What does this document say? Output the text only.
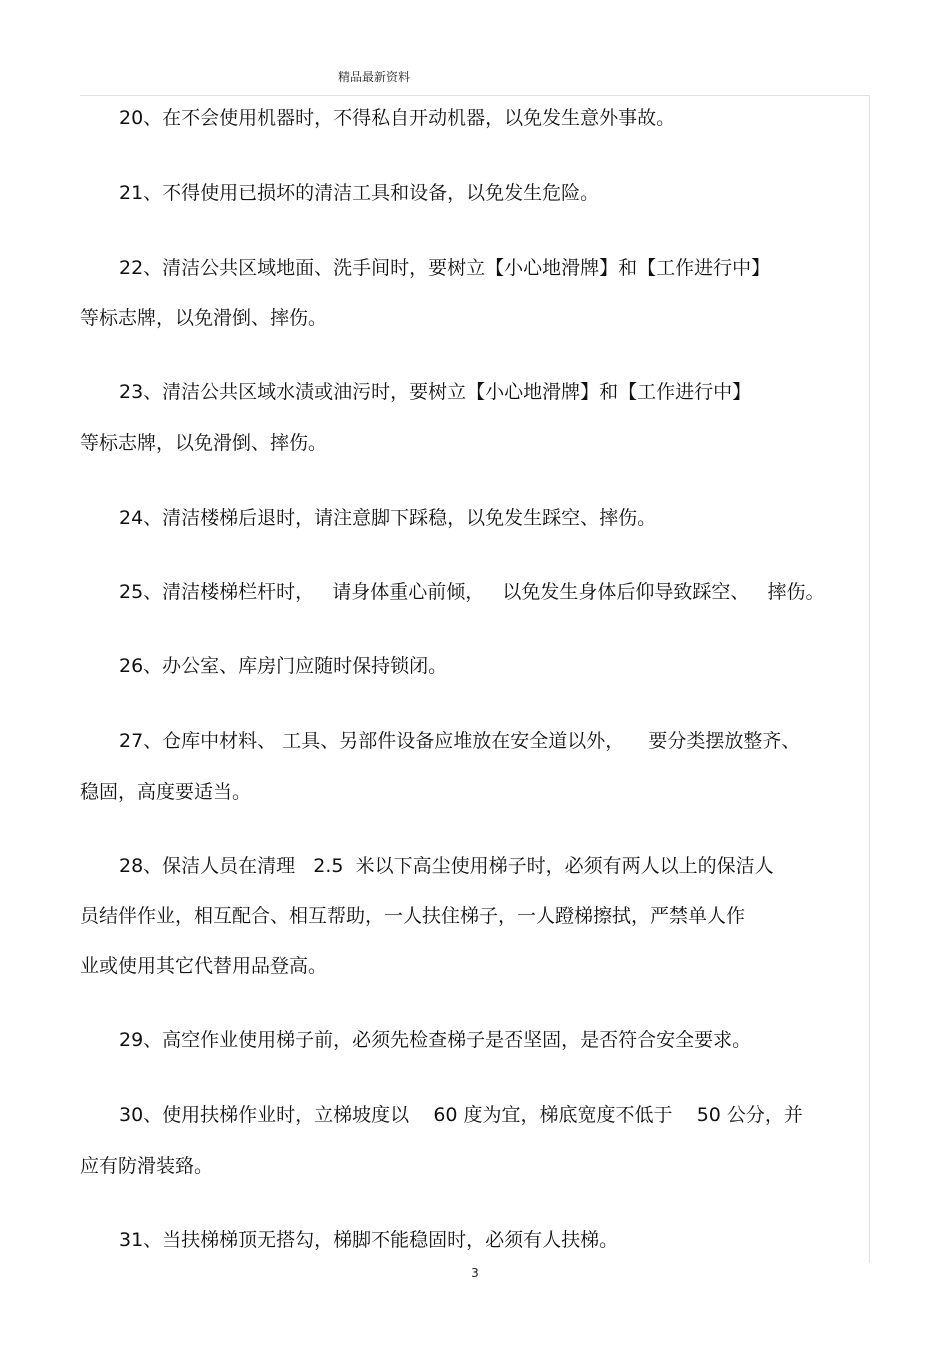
精品最新资料
20、在不会使用机器时，不得私自开动机器，以免发生意外事故。
21、不得使用已损坏的清洁工具和设备，以免发生危险。
22、清洁公共区域地面、洗手间时，要树立【小心地滑牌】和【工作进行中】
等标志牌，以免滑倒、摔伤。
23、清洁公共区域水渍或油污时，要树立【小心地滑牌】和【工作进行中】
等标志牌，以免滑倒、摔伤。
24、清洁楼梯后退时，请注意脚下踩稳，以免发生踩空、摔伤。
25、清洁楼梯栏杆时，   请身体重心前倾，   以免发生身体后仰导致踩空、   摔伤。
26、办公室、库房门应随时保持锁闭。
27、仓库中材料、 工具、另部件设备应堆放在安全道以外，    要分类摆放整齐、
稳固，高度要适当。
28、保洁人员在清理   2.5  米以下高尘使用梯子时，必须有两人以上的保洁人
员结伴作业，相互配合、相互帮助，一人扶住梯子，一人蹬梯擦拭，严禁单人作
业或使用其它代替用品登高。
29、高空作业使用梯子前，必须先检查梯子是否坚固，是否符合安全要求。
30、使用扶梯作业时，立梯坡度以    60 度为宜，梯底宽度不低于    50 公分，并
应有防滑装臵。
31、当扶梯梯顶无搭勾，梯脚不能稳固时，必须有人扶梯。
3
